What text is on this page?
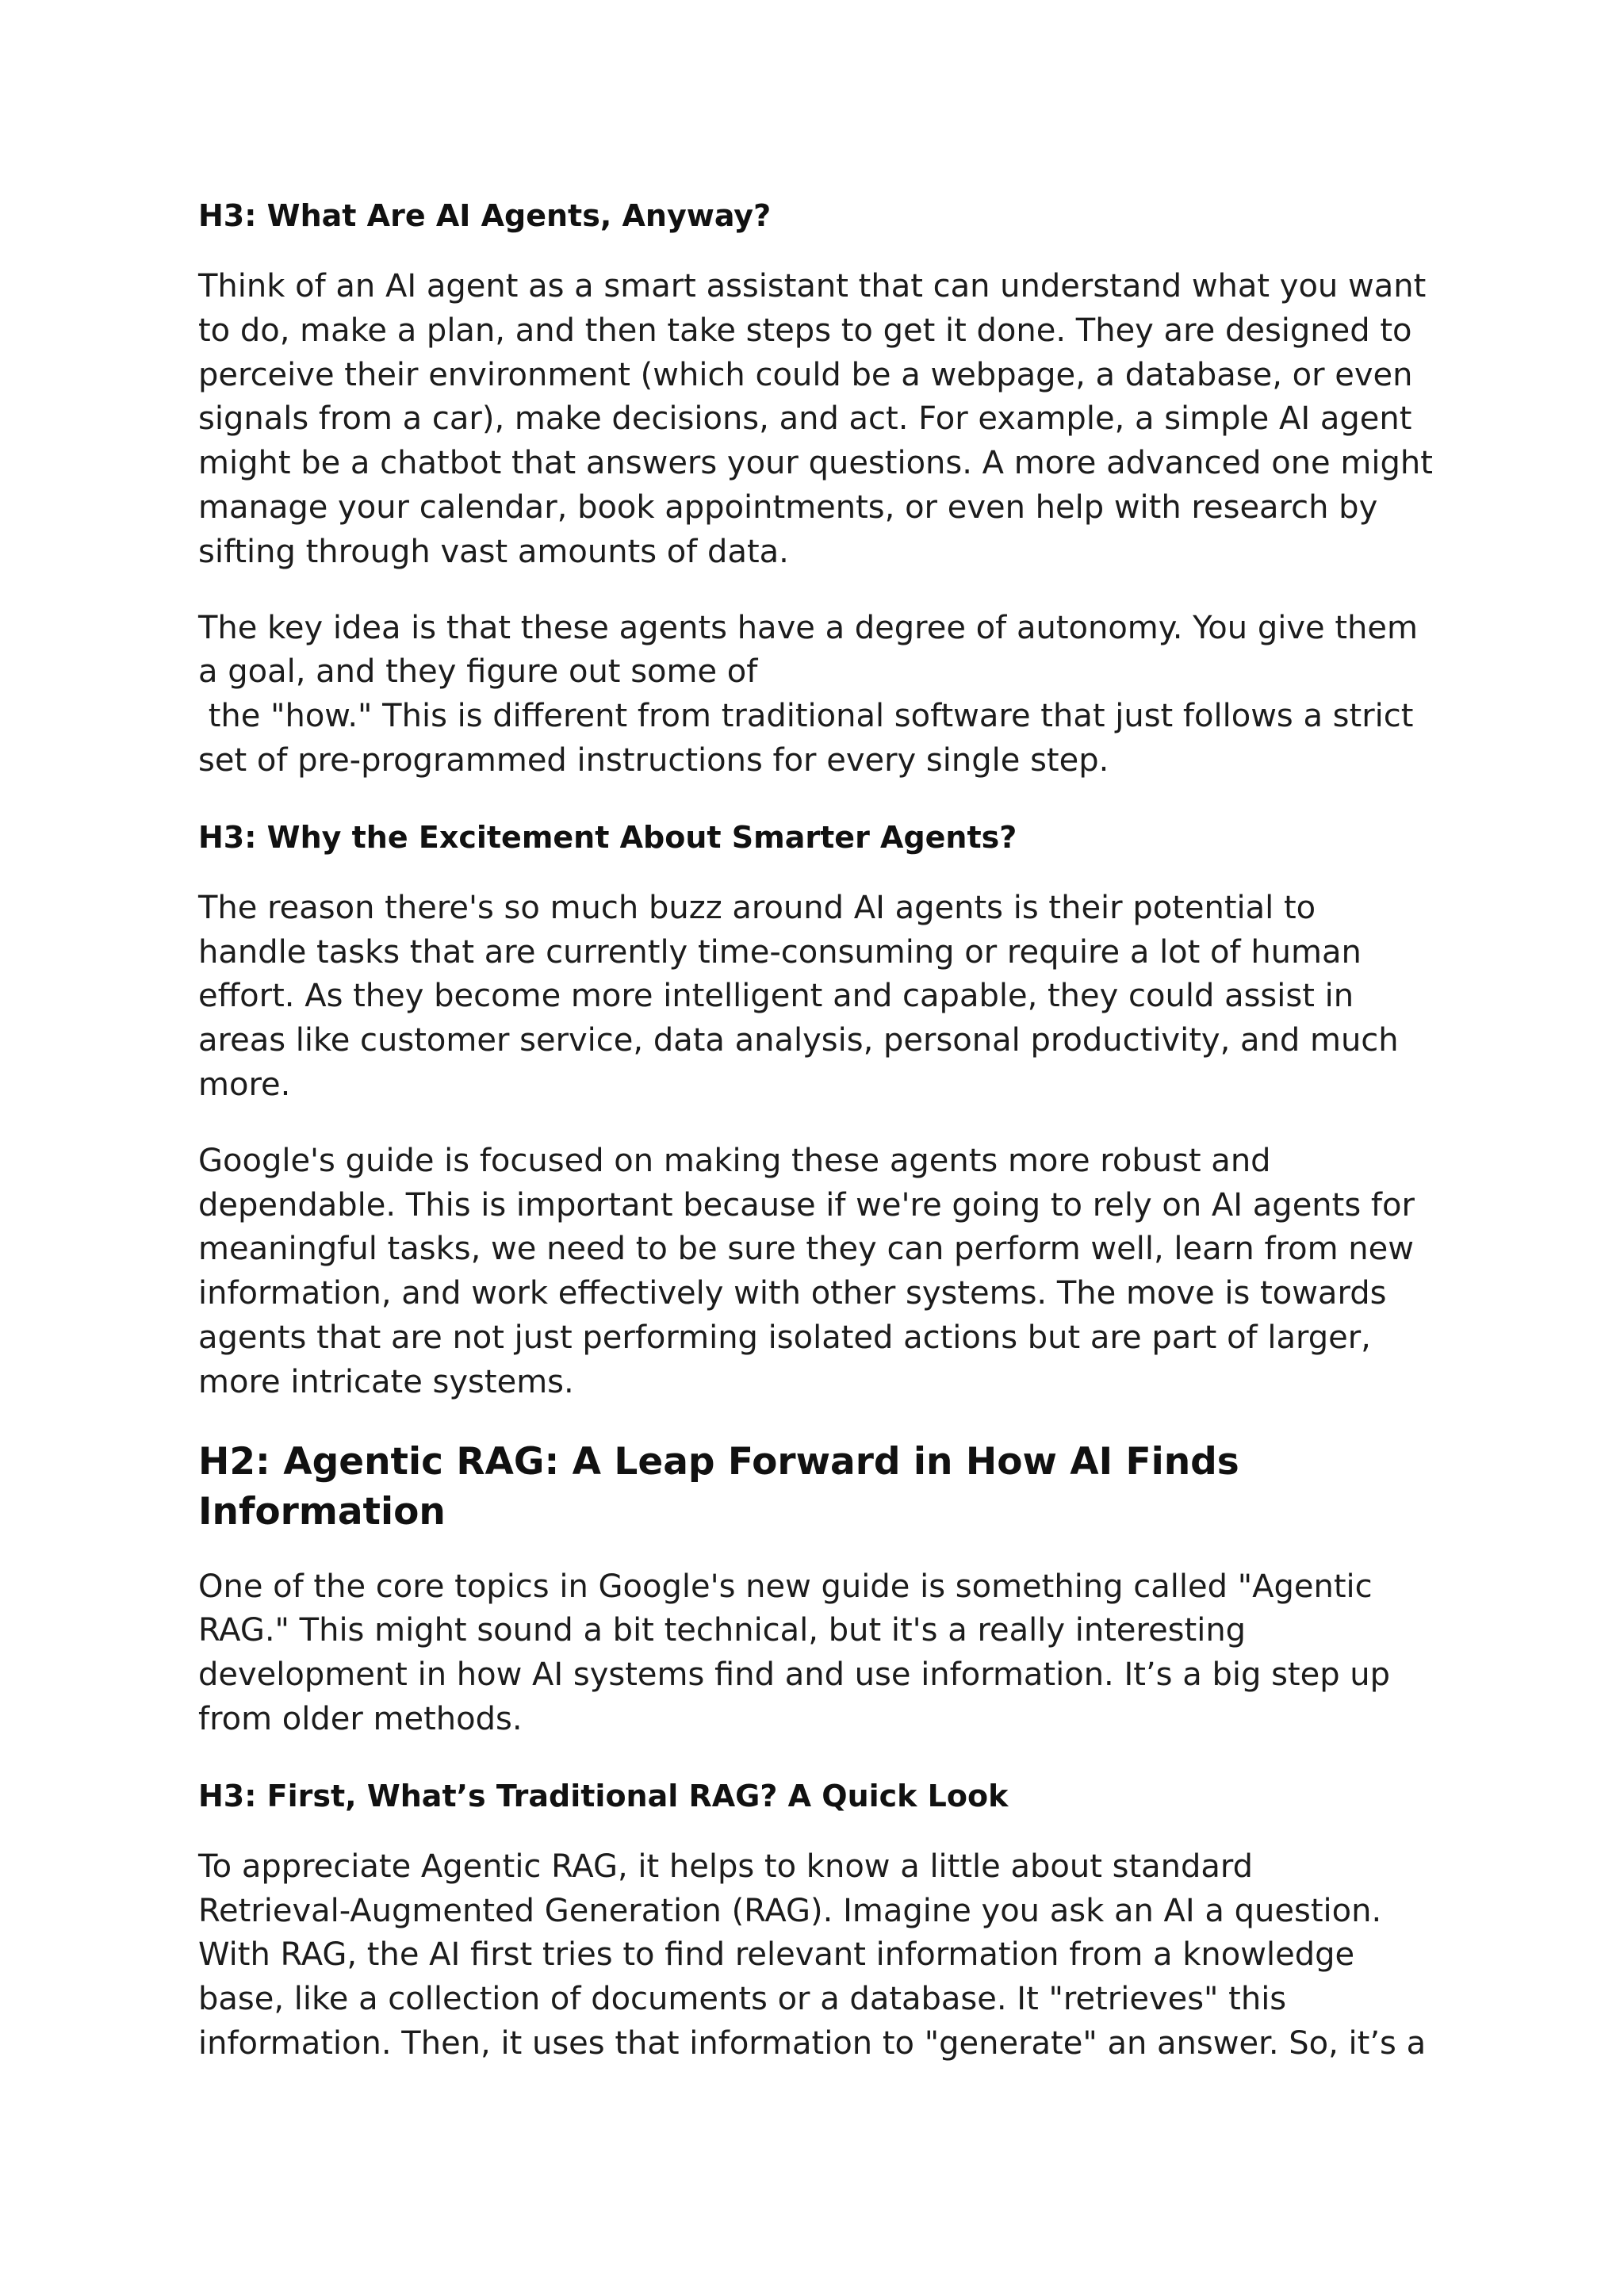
H3: What Are AI Agents, Anyway?
Think of an AI agent as a smart assistant that can understand what you want
to do, make a plan, and then take steps to get it done. They are designed to
perceive their environment (which could be a webpage, a database, or even
signals from a car), make decisions, and act. For example, a simple AI agent
might be a chatbot that answers your questions. A more advanced one might
manage your calendar, book appointments, or even help with research by
sifting through vast amounts of data.
The key idea is that these agents have a degree of autonomy. You give them
a goal, and they figure out some of
the "how." This is different from traditional software that just follows a strict
set of pre-programmed instructions for every single step.
H3: Why the Excitement About Smarter Agents?
The reason there's so much buzz around AI agents is their potential to
handle tasks that are currently time-consuming or require a lot of human
effort. As they become more intelligent and capable, they could assist in
areas like customer service, data analysis, personal productivity, and much
more.
Google's guide is focused on making these agents more robust and
dependable. This is important because if we're going to rely on AI agents for
meaningful tasks, we need to be sure they can perform well, learn from new
information, and work effectively with other systems. The move is towards
agents that are not just performing isolated actions but are part of larger,
more intricate systems.
H2: Agentic RAG: A Leap Forward in How AI Finds
Information
One of the core topics in Google's new guide is something called "Agentic
RAG." This might sound a bit technical, but it's a really interesting
development in how AI systems find and use information. It’s a big step up
from older methods.
H3: First, What’s Traditional RAG? A Quick Look
To appreciate Agentic RAG, it helps to know a little about standard
Retrieval-Augmented Generation (RAG). Imagine you ask an AI a question.
With RAG, the AI first tries to find relevant information from a knowledge
base, like a collection of documents or a database. It "retrieves" this
information. Then, it uses that information to "generate" an answer. So, it’s a
